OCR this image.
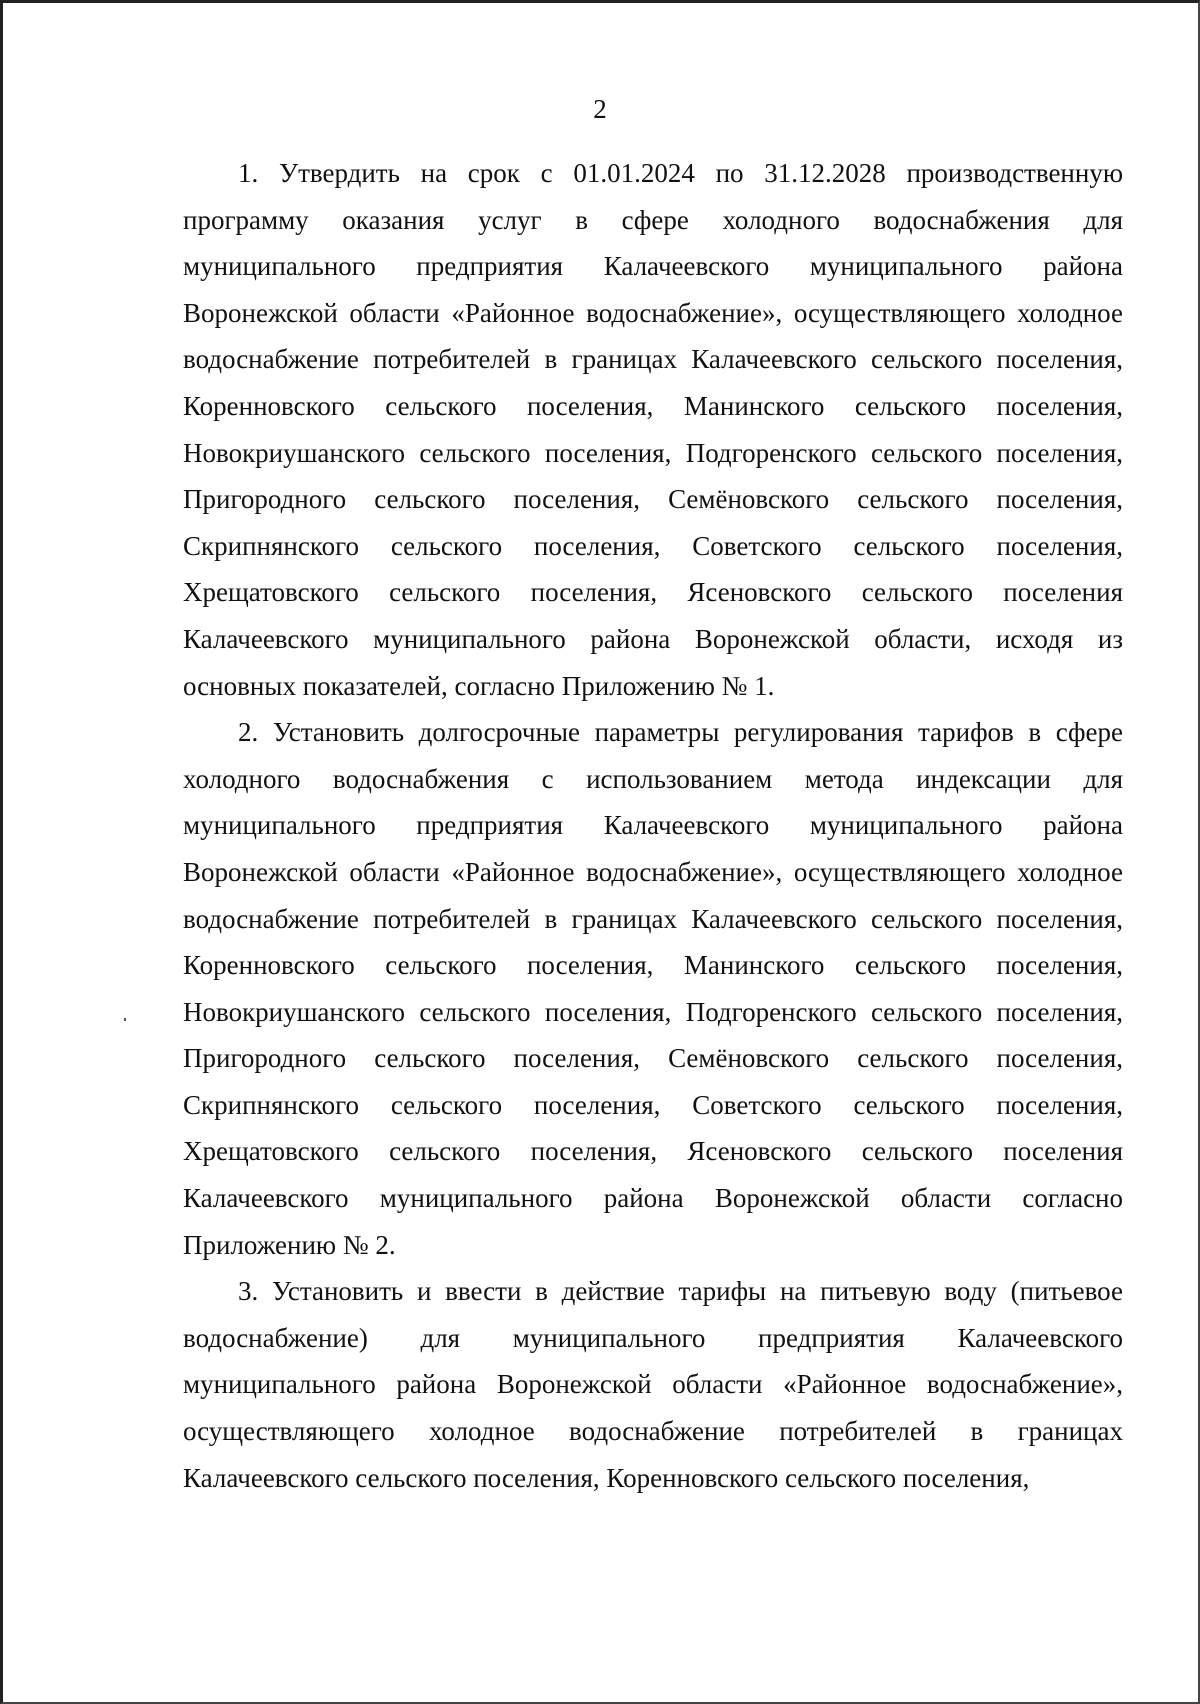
2

1. Утвердить на срок с 01.01.2024 по 31.12.2028 производственную программу оказания услуг в сфере холодного водоснабжения для муниципального предприятия Калачеевского муниципального района Воронежской области «Районное водоснабжение», осуществляющего холодное водоснабжение потребителей в границах Калачеевского сельского поселения, Коренновского сельского поселения, Манинского сельского поселения, Новокриушанского сельского поселения, Подгоренского сельского поселения, Пригородного сельского поселения, Семёновского сельского поселения, Скрипнянского сельского поселения, Советского сельского поселения, Хрещатовского сельского поселения, Ясеновского сельского поселения Калачеевского муниципального района Воронежской области, исходя из основных показателей, согласно Приложению № 1.

2. Установить долгосрочные параметры регулирования тарифов в сфере холодного водоснабжения с использованием метода индексации для муниципального предприятия Калачеевского муниципального района Воронежской области «Районное водоснабжение», осуществляющего холодное водоснабжение потребителей в границах Калачеевского сельского поселения, Коренновского сельского поселения, Манинского сельского поселения, Новокриушанского сельского поселения, Подгоренского сельского поселения, Пригородного сельского поселения, Семёновского сельского поселения, Скрипнянского сельского поселения, Советского сельского поселения, Хрещатовского сельского поселения, Ясеновского сельского поселения Калачеевского муниципального района Воронежской области согласно Приложению № 2.

3. Установить и ввести в действие тарифы на питьевую воду (питьевое водоснабжение) для муниципального предприятия Калачеевского муниципального района Воронежской области «Районное водоснабжение», осуществляющего холодное водоснабжение потребителей в границах Калачеевского сельского поселения, Коренновского сельского поселения,
